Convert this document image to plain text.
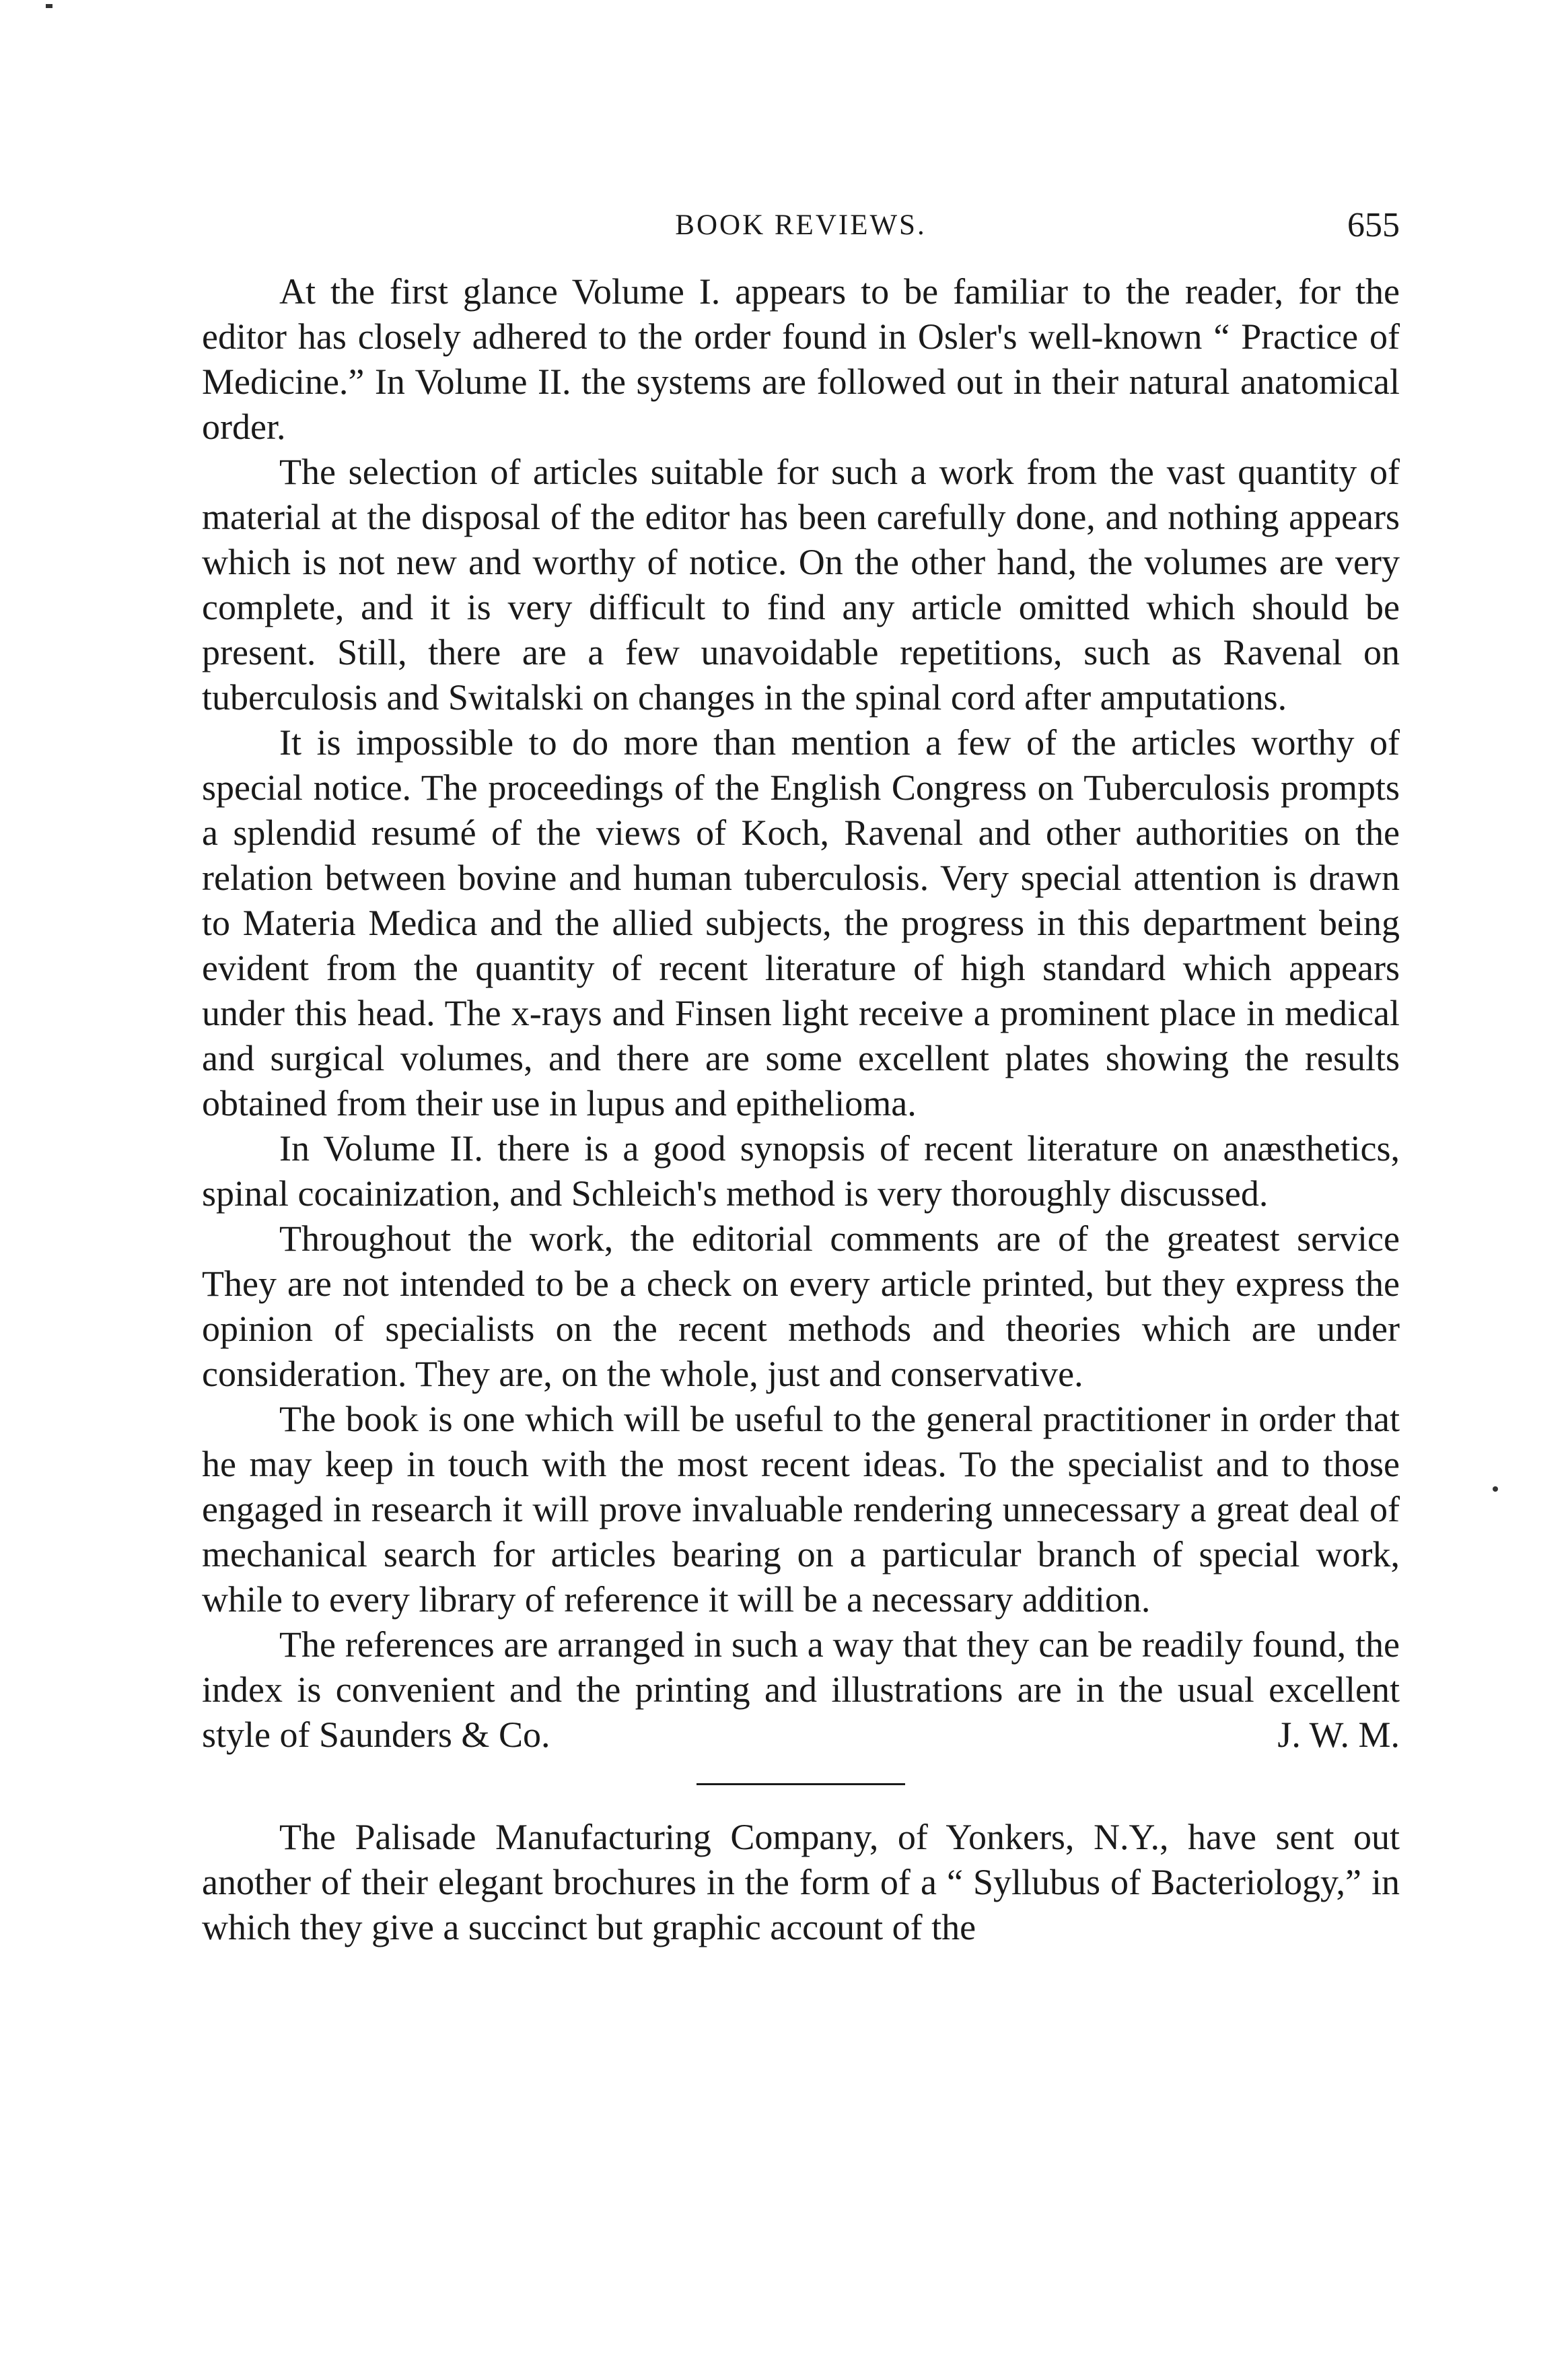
BOOK REVIEWS.	655

At the first glance Volume I. appears to be familiar to the reader, for the editor has closely adhered to the order found in Osler's well-known “ Practice of Medicine.” In Volume II. the systems are followed out in their natural anatomical order.

The selection of articles suitable for such a work from the vast quantity of material at the disposal of the editor has been carefully done, and nothing appears which is not new and worthy of notice. On the other hand, the volumes are very complete, and it is very difficult to find any article omitted which should be present. Still, there are a few unavoidable repetitions, such as Ravenal on tuberculosis and Switalski on changes in the spinal cord after amputations.

It is impossible to do more than mention a few of the articles worthy of special notice. The proceedings of the English Congress on Tuberculosis prompts a splendid resumé of the views of Koch, Ravenal and other authorities on the relation between bovine and human tuberculosis. Very special attention is drawn to Materia Medica and the allied subjects, the progress in this department being evident from the quantity of recent literature of high standard which appears under this head. The x-rays and Finsen light receive a prominent place in medical and surgical volumes, and there are some excellent plates showing the results obtained from their use in lupus and epithelioma.

In Volume II. there is a good synopsis of recent literature on anæsthetics, spinal cocainization, and Schleich's method is very thoroughly discussed.

Throughout the work, the editorial comments are of the greatest service They are not intended to be a check on every article printed, but they express the opinion of specialists on the recent methods and theories which are under consideration. They are, on the whole, just and conservative.

The book is one which will be useful to the general practitioner in order that he may keep in touch with the most recent ideas. To the specialist and to those engaged in research it will prove invaluable rendering unnecessary a great deal of mechanical search for articles bearing on a particular branch of special work, while to every library of reference it will be a necessary addition.

The references are arranged in such a way that they can be readily found, the index is convenient and the printing and illustrations are in the usual excellent style of Saunders & Co.	J. W. M.

The Palisade Manufacturing Company, of Yonkers, N.Y., have sent out another of their elegant brochures in the form of a “ Syllubus of Bacteriology,” in which they give a succinct but graphic account of the
